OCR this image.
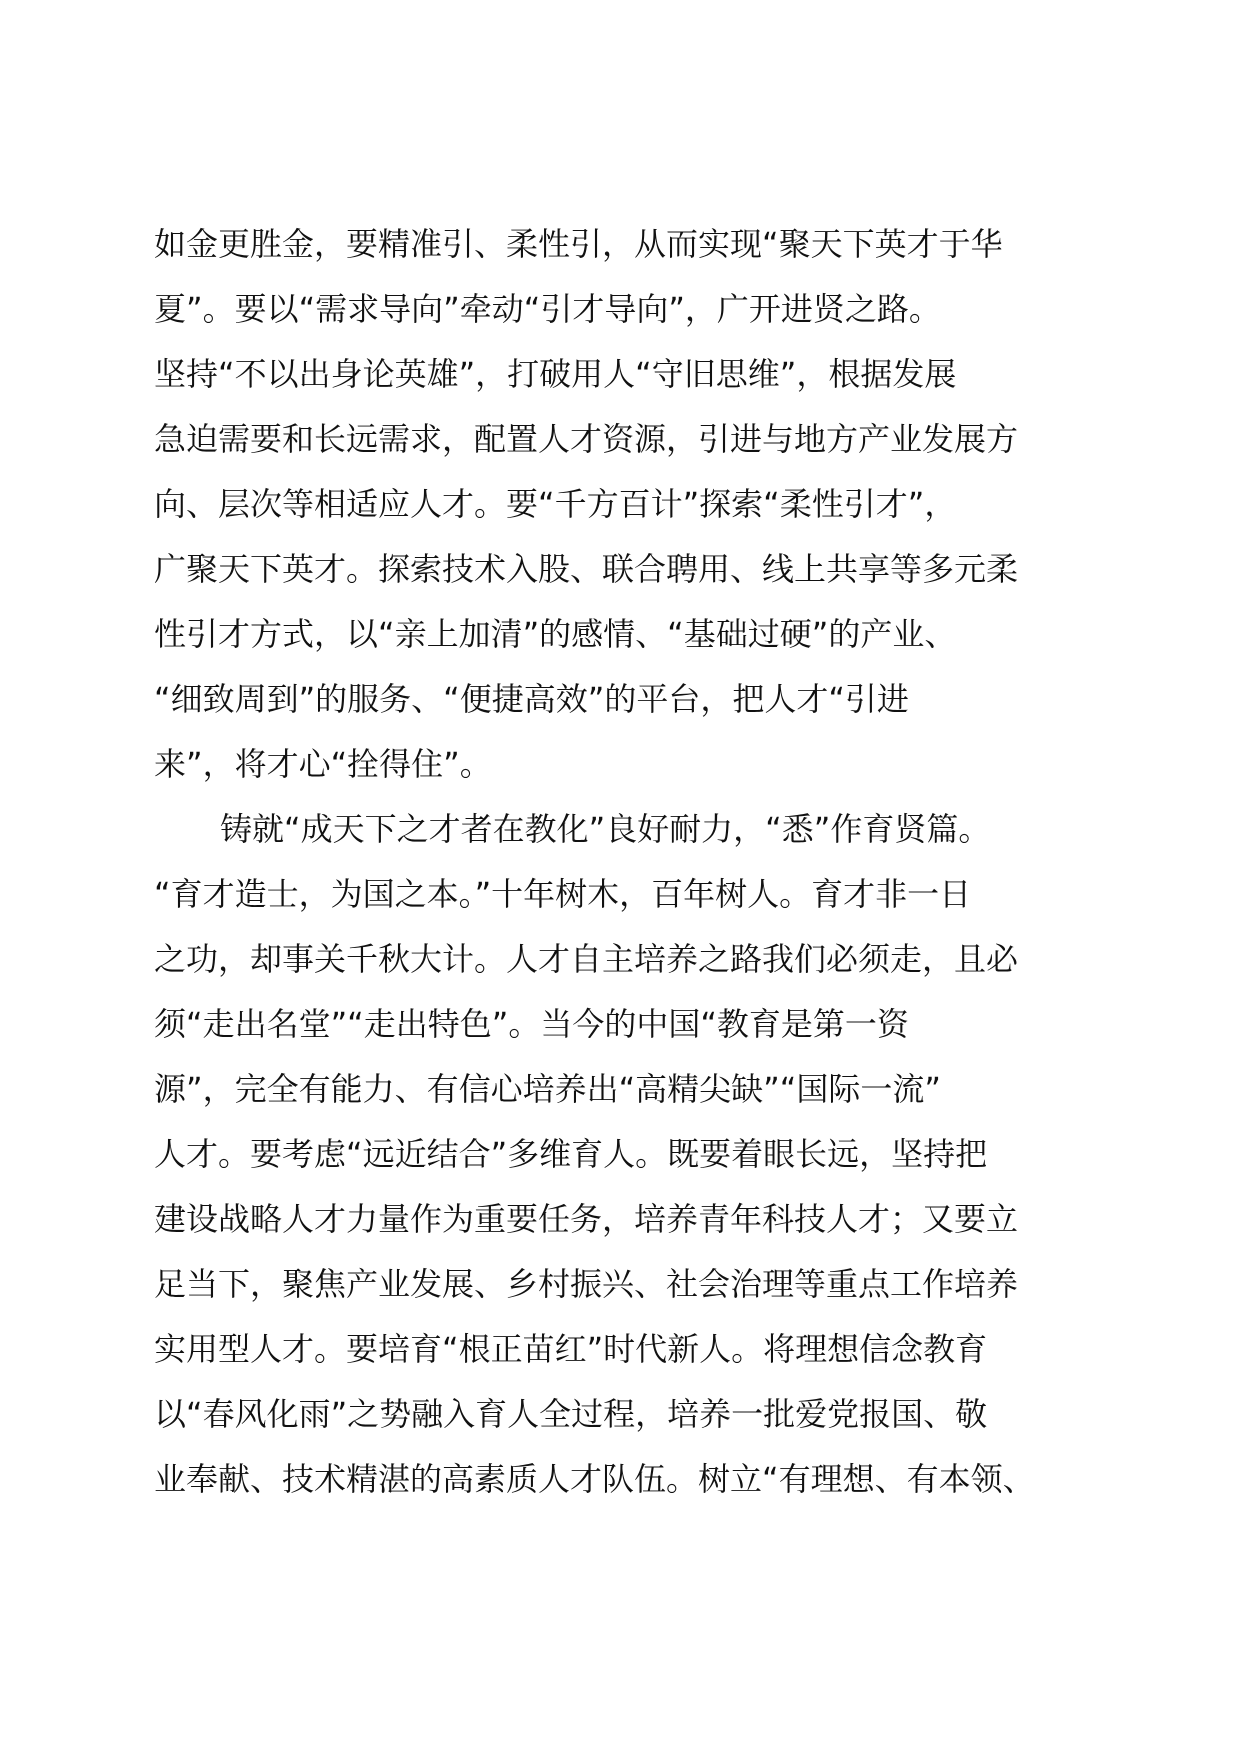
如金更胜金，要精准引、柔性引，从而实现“聚天下英才于华
夏”。要以“需求导向”牵动“引才导向”，广开进贤之路。
坚持“不以出身论英雄”，打破用人“守旧思维”，根据发展
急迫需要和长远需求，配置人才资源，引进与地方产业发展方
向、层次等相适应人才。要“千方百计”探索“柔性引才”，
广聚天下英才。探索技术入股、联合聘用、线上共享等多元柔
性引才方式，以“亲上加清”的感情、“基础过硬”的产业、
“细致周到”的服务、“便捷高效”的平台，把人才“引进
来”，将才心“拴得住”。
铸就“成天下之才者在教化”良好耐力，“悉”作育贤篇。
“育才造士，为国之本。”十年树木，百年树人。育才非一日
之功，却事关千秋大计。人才自主培养之路我们必须走，且必
须“走出名堂”“走出特色”。当今的中国“教育是第一资
源”，完全有能力、有信心培养出“高精尖缺”“国际一流”
人才。要考虑“远近结合”多维育人。既要着眼长远，坚持把
建设战略人才力量作为重要任务，培养青年科技人才；又要立
足当下，聚焦产业发展、乡村振兴、社会治理等重点工作培养
实用型人才。要培育“根正苗红”时代新人。将理想信念教育
以“春风化雨”之势融入育人全过程，培养一批爱党报国、敬
业奉献、技术精湛的高素质人才队伍。树立“有理想、有本领、
